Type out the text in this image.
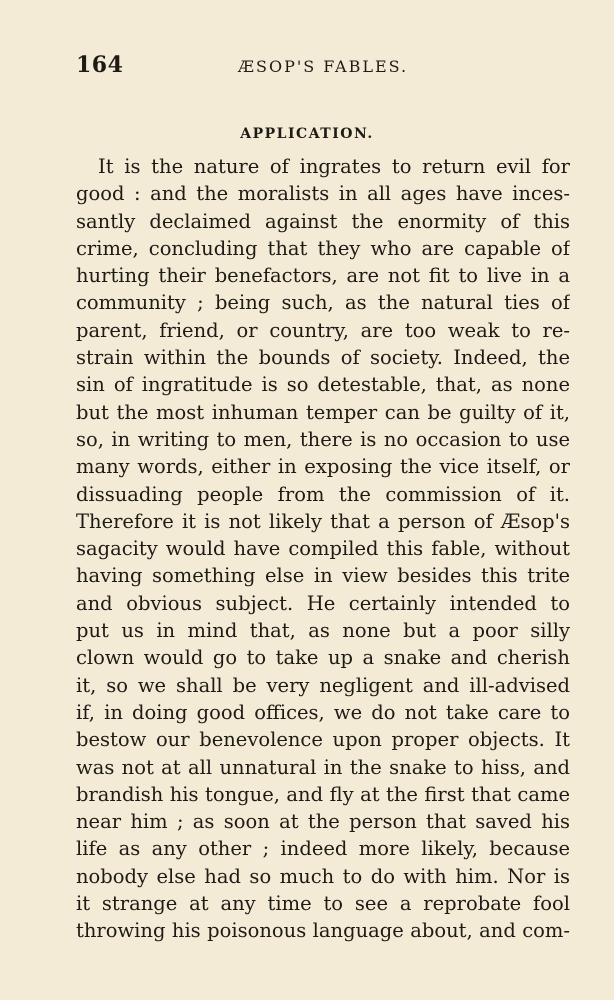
164	ÆSOP'S FABLES.
APPLICATION.
It is the nature of ingrates to return evil for
good : and the moralists in all ages have inces-
santly declaimed against the enormity of this
crime, concluding that they who are capable of
hurting their benefactors, are not fit to live in a
community ; being such, as the natural ties of
parent, friend, or country, are too weak to re-
strain within the bounds of society. Indeed, the
sin of ingratitude is so detestable, that, as none
but the most inhuman temper can be guilty of it,
so, in writing to men, there is no occasion to use
many words, either in exposing the vice itself, or
dissuading people from the commission of it.
Therefore it is not likely that a person of Æsop's
sagacity would have compiled this fable, without
having something else in view besides this trite
and obvious subject. He certainly intended to
put us in mind that, as none but a poor silly
clown would go to take up a snake and cherish
it, so we shall be very negligent and ill-advised
if, in doing good offices, we do not take care to
bestow our benevolence upon proper objects. It
was not at all unnatural in the snake to hiss, and
brandish his tongue, and fly at the first that came
near him ; as soon at the person that saved his
life as any other ; indeed more likely, because
nobody else had so much to do with him. Nor is
it strange at any time to see a reprobate fool
throwing his poisonous language about, and com-
